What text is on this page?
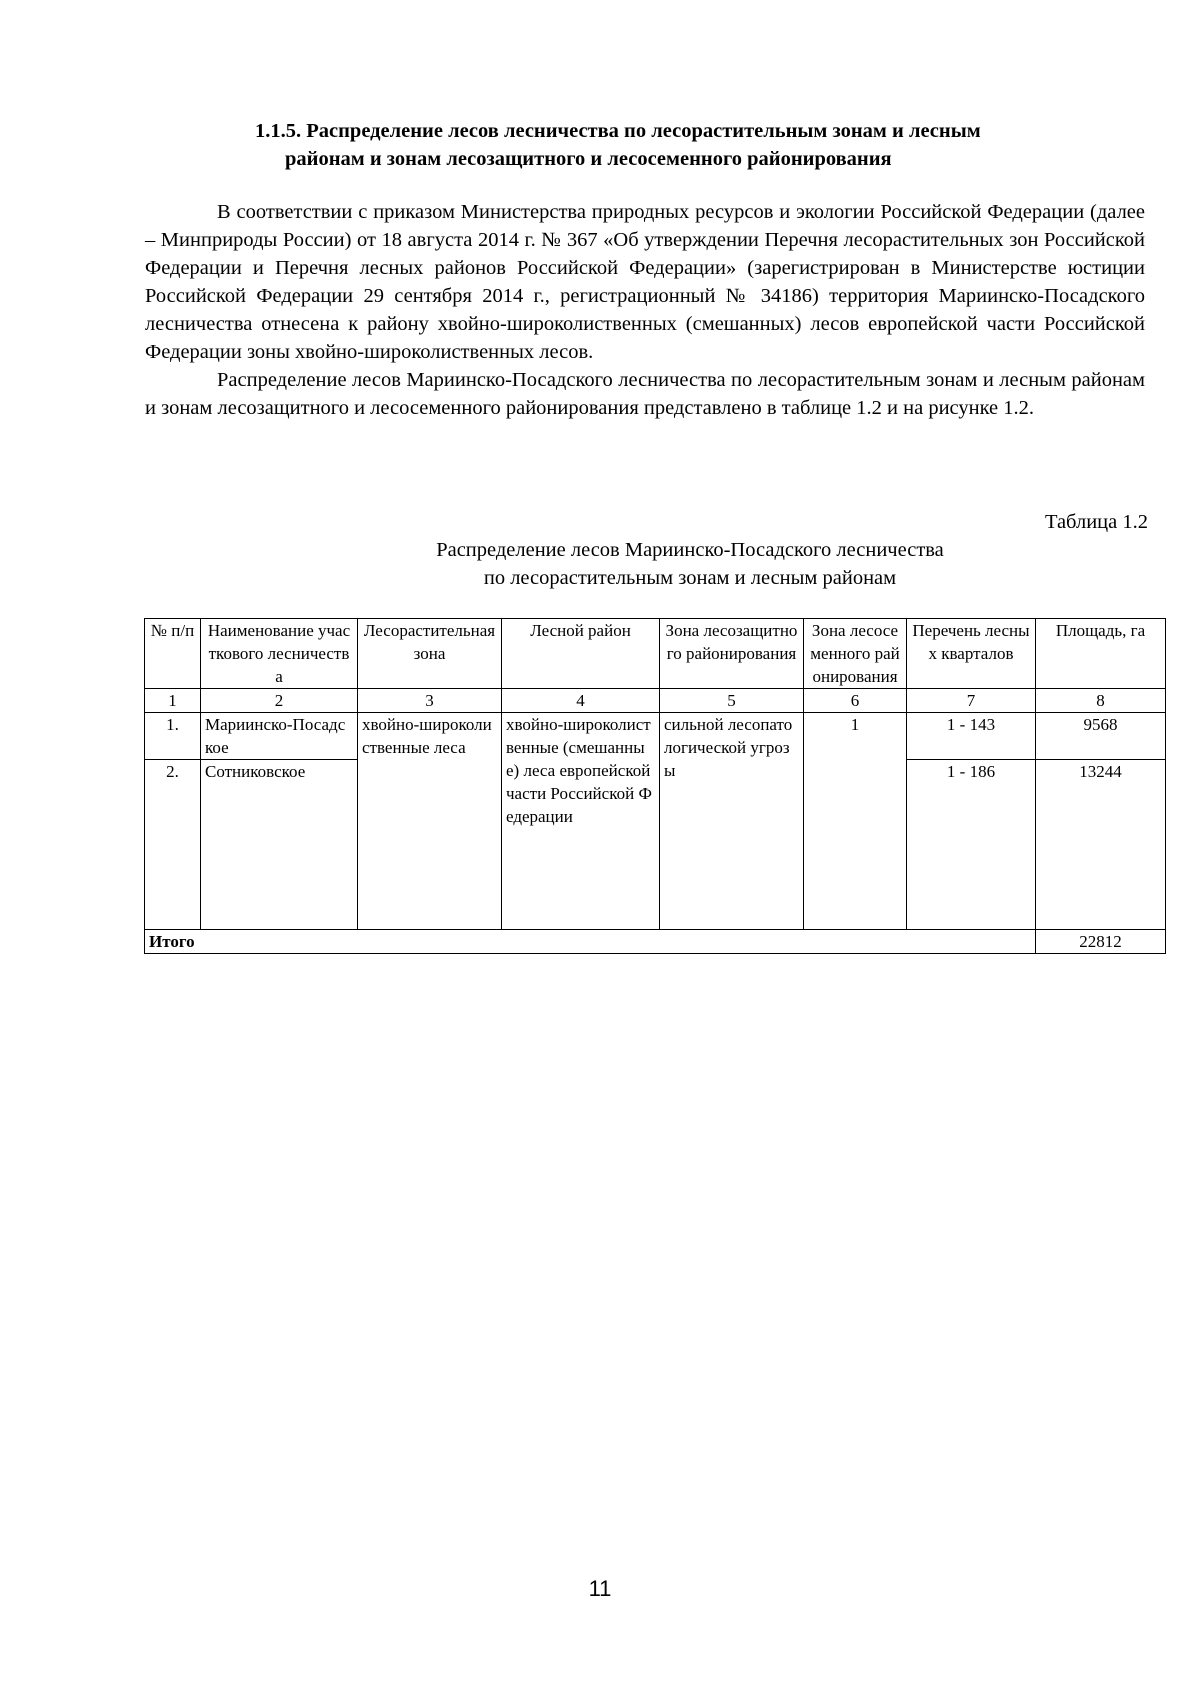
1.1.5. Распределение лесов лесничества по лесорастительным зонам и лесным
районам и зонам лесозащитного и лесосеменного районирования

В соответствии с приказом Министерства природных ресурсов и экологии Российской Федерации (далее – Минприроды России) от 18 августа 2014 г. № 367 «Об утверждении Перечня лесорастительных зон Российской Федерации и Перечня лесных районов Российской Федерации» (зарегистрирован в Министерстве юстиции Российской Федерации 29 сентября 2014 г., регистрационный № 34186) территория Мариинско-Посадского лесничества отнесена к району хвойно-широколиственных (смешанных) лесов европейской части Российской Федерации зоны хвойно-широколиственных лесов.

Распределение лесов Мариинско-Посадского лесничества по лесорастительным зонам и лесным районам и зонам лесозащитного и лесосеменного районирования представлено в таблице 1.2 и на рисунке 1.2.

Таблица 1.2
Распределение лесов Мариинско-Посадского лесничества
по лесорастительным зонам и лесным районам
№ п/п	Наименование участкового лесничества	Лесорастительная зона	Лесной район	Зона лесозащитного районирования	Зона лесосеменного районирования	Перечень лесных кварталов	Площадь, га
1	2	3	4	5	6	7	8
1.	Мариинско-Посадское	хвойно-широколиственные леса	хвойно-широколиственные (смешанные) леса европейской части Российской Федерации	сильной лесопатологической угрозы	1	1 - 143	9568
2.	Сотниковское					1 - 186	13244
Итого							22812
11
